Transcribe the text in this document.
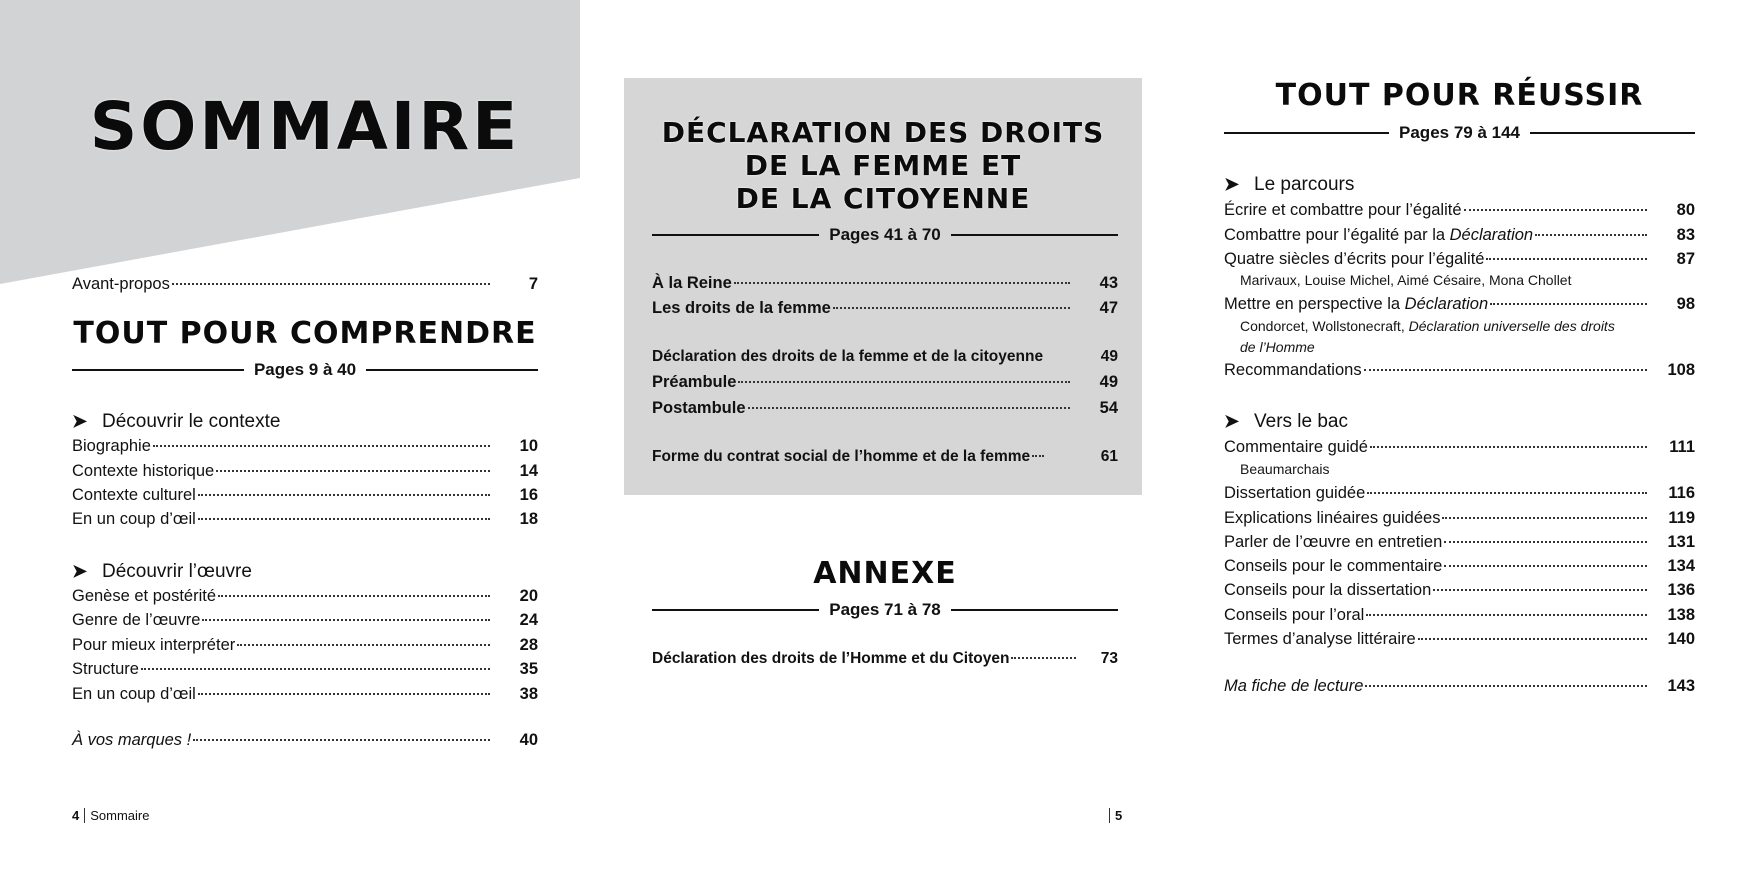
SOMMAIRE
Avant-propos	7
TOUT POUR COMPRENDRE
Pages 9 à 40
➤ Découvrir le contexte
Biographie	10
Contexte historique	14
Contexte culturel	16
En un coup d’œil	18
➤ Découvrir l’œuvre
Genèse et postérité	20
Genre de l’œuvre	24
Pour mieux interpréter	28
Structure	35
En un coup d’œil	38
À vos marques !	40
4 Sommaire
DÉCLARATION DES DROITS
DE LA FEMME ET
DE LA CITOYENNE
Pages 41 à 70
À la Reine	43
Les droits de la femme	47
Déclaration des droits de la femme et de la citoyenne	49
Préambule	49
Postambule	54
Forme du contrat social de l’homme et de la femme	61
ANNEXE
Pages 71 à 78
Déclaration des droits de l’Homme et du Citoyen	73
5
TOUT POUR RÉUSSIR
Pages 79 à 144
➤ Le parcours
Écrire et combattre pour l’égalité	80
Combattre pour l’égalité par la Déclaration	83
Quatre siècles d’écrits pour l’égalité	87
Marivaux, Louise Michel, Aimé Césaire, Mona Chollet
Mettre en perspective la Déclaration	98
Condorcet, Wollstonecraft, Déclaration universelle des droits
de l’Homme
Recommandations	108
➤ Vers le bac
Commentaire guidé	111
Beaumarchais
Dissertation guidée	116
Explications linéaires guidées	119
Parler de l’œuvre en entretien	131
Conseils pour le commentaire	134
Conseils pour la dissertation	136
Conseils pour l’oral	138
Termes d’analyse littéraire	140
Ma fiche de lecture	143
